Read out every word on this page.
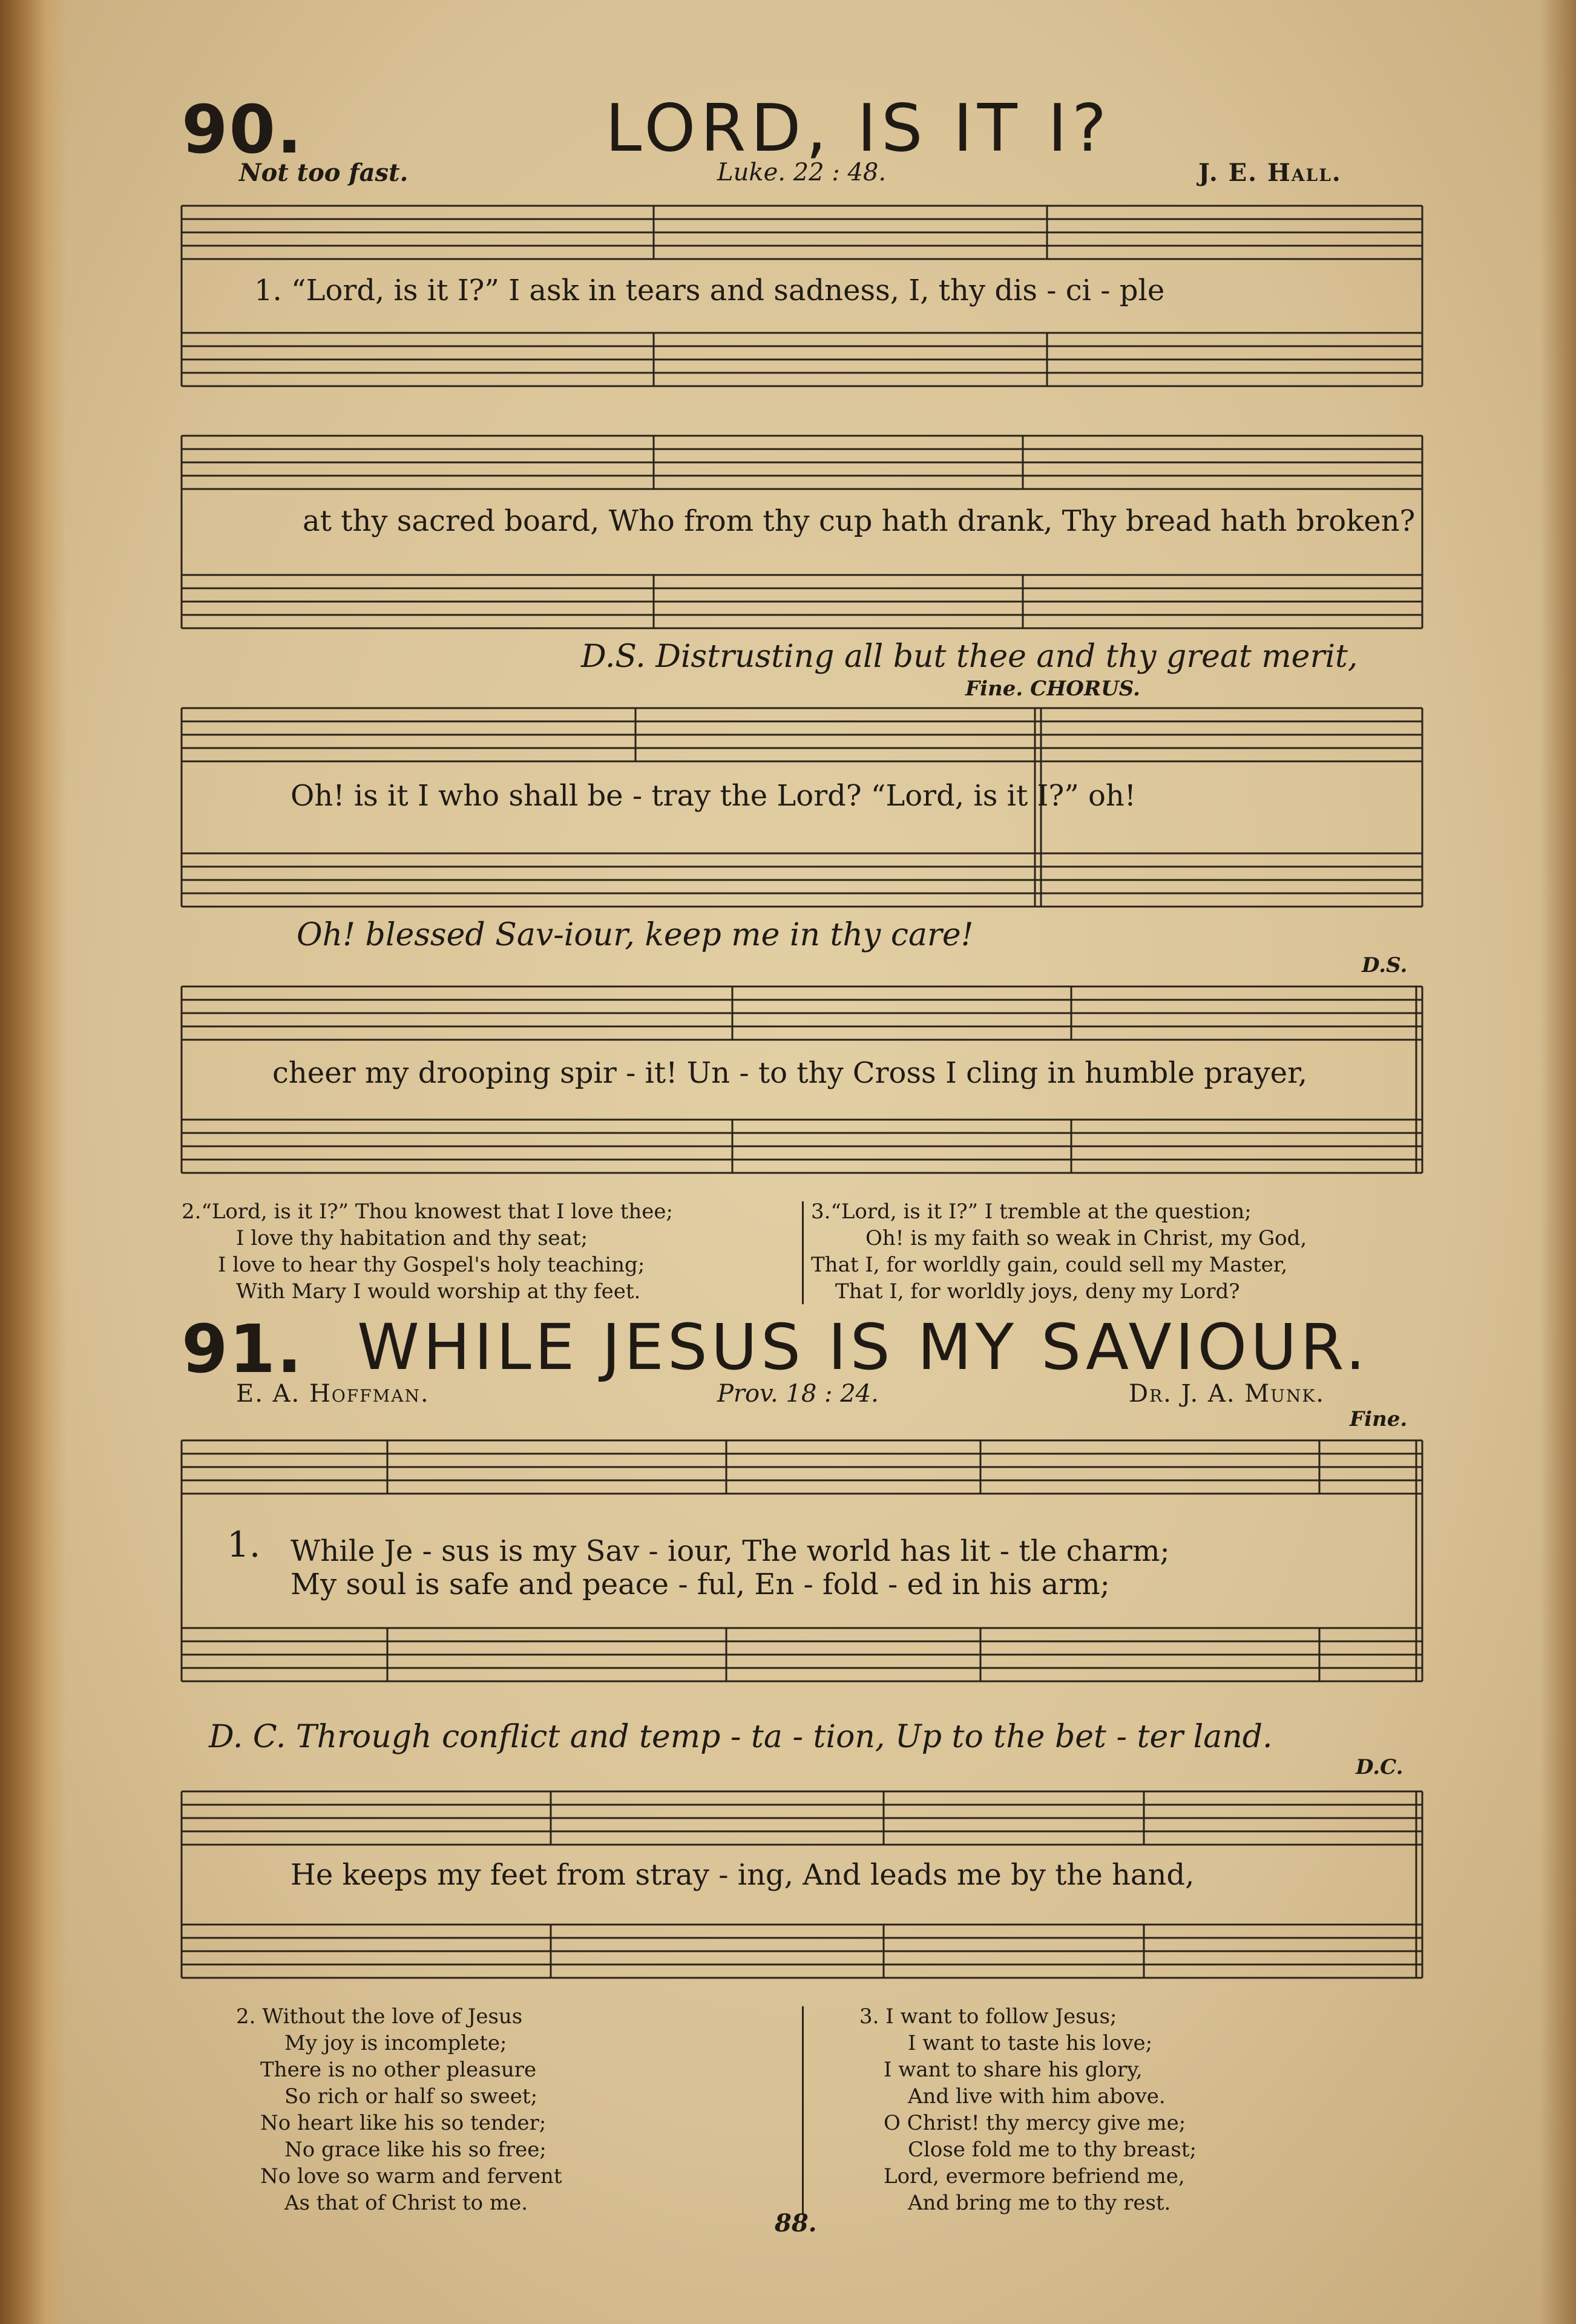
90.	LORD, IS IT I?
Not too fast.	Luke. 22 : 48.	J. E. Hall.
1. “Lord, is it I?” I ask in tears and sadness, I, thy dis - ci - ple
at thy sacred board, Who from thy cup hath drank, Thy bread hath broken?
D.S. Distrusting all but thee and thy great merit,
Fine. CHORUS.
Oh! is it I who shall be - tray the Lord? “Lord, is it I?” oh!
Oh! blessed Sav-iour, keep me in thy care!
D.S.
cheer my drooping spir - it! Un - to thy Cross I cling in humble prayer,
2.“Lord, is it I?” Thou knowest that I love thee;
I love thy habitation and thy seat;
I love to hear thy Gospel's holy teaching;
With Mary I would worship at thy feet.
3.“Lord, is it I?” I tremble at the question;
Oh! is my faith so weak in Christ, my God,
That I, for worldly gain, could sell my Master,
That I, for worldly joys, deny my Lord?
91. WHILE JESUS IS MY SAVIOUR.
E. A. Hoffman.	Prov. 18 : 24.	Dr. J. A. Munk.
Fine.
1. While Je - sus is my Sav - iour, The world has lit - tle charm;
My soul is safe and peace - ful, En - fold - ed in his arm;
D. C. Through conflict and temp - ta - tion, Up to the bet - ter land.
D.C.
He keeps my feet from stray - ing, And leads me by the hand,
2. Without the love of Jesus
My joy is incomplete;
There is no other pleasure
So rich or half so sweet;
No heart like his so tender;
No grace like his so free;
No love so warm and fervent
As that of Christ to me.
3. I want to follow Jesus;
I want to taste his love;
I want to share his glory,
And live with him above.
O Christ! thy mercy give me;
Close fold me to thy breast;
Lord, evermore befriend me,
And bring me to thy rest.
88.
